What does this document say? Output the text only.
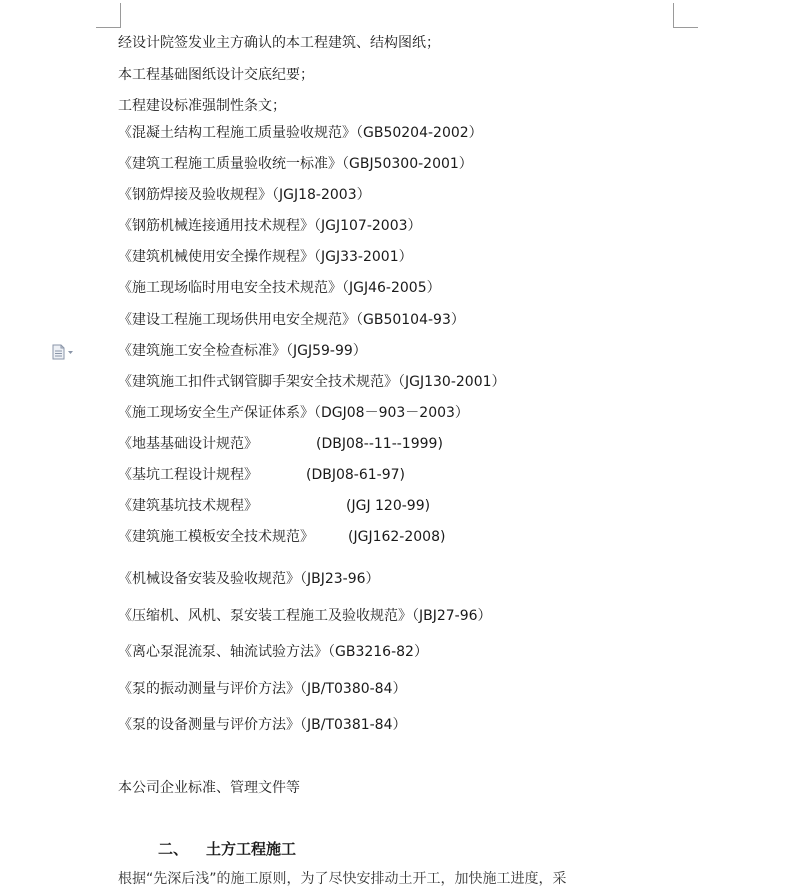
经设计院签发业主方确认的本工程建筑、结构图纸；
本工程基础图纸设计交底纪要；
工程建设标准强制性条文；
《混凝土结构工程施工质量验收规范》（GB50204-2002）
《建筑工程施工质量验收统一标准》（GBJ50300-2001）
《钢筋焊接及验收规程》（JGJ18-2003）
《钢筋机械连接通用技术规程》（JGJ107-2003）
《建筑机械使用安全操作规程》（JGJ33-2001）
《施工现场临时用电安全技术规范》（JGJ46-2005）
《建设工程施工现场供用电安全规范》（GB50104-93）
《建筑施工安全检查标准》（JGJ59-99）
《建筑施工扣件式钢管脚手架安全技术规范》（JGJ130-2001）
《施工现场安全生产保证体系》（DGJ08－903－2003）
《地基基础设计规范》	(DBJ08--11--1999)
《基坑工程设计规程》	(DBJ08-61-97)
《建筑基坑技术规程》	(JGJ 120-99)
《建筑施工模板安全技术规范》 (JGJ162-2008)
《机械设备安装及验收规范》（JBJ23-96）
《压缩机、风机、泵安装工程施工及验收规范》（JBJ27-96）
《离心泵混流泵、轴流试验方法》（GB3216-82）
《泵的振动测量与评价方法》（JB/T0380-84）
《泵的设备测量与评价方法》（JB/T0381-84）
本公司企业标准、管理文件等
二、 土方工程施工
根据“先深后浅”的施工原则，为了尽快安排动土开工，加快施工进度，采
